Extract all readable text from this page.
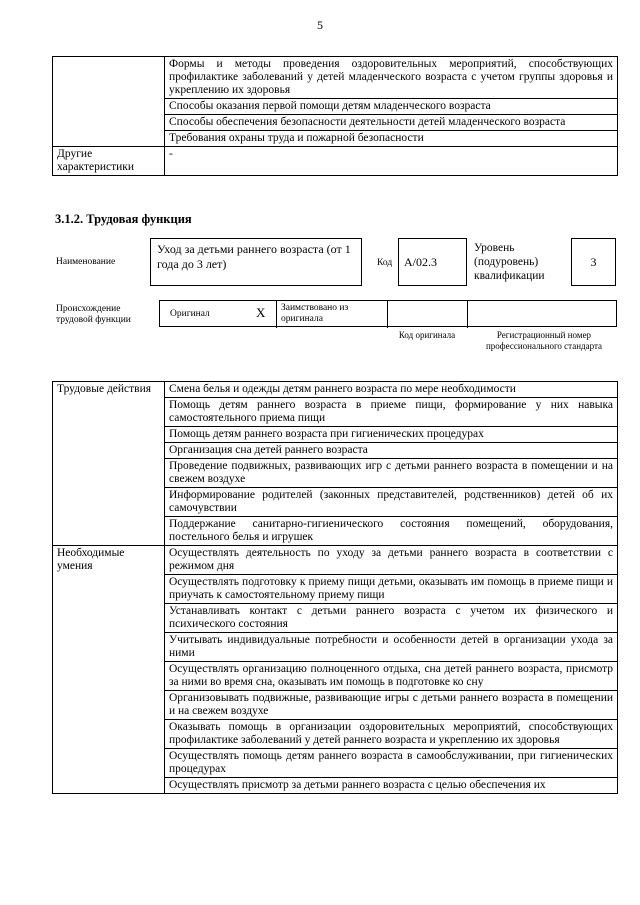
5
	Формы и методы проведения оздоровительных мероприятий, способствующих профилактике заболеваний у детей младенческого возраста с учетом группы здоровья и укреплению их здоровья
	Способы оказания первой помощи детям младенческого возраста
	Способы обеспечения безопасности деятельности детей младенческого возраста
	Требования охраны труда и пожарной безопасности
Другие характеристики	-
3.1.2. Трудовая функция
Наименование
Уход за детьми раннего возраста (от 1 года до 3 лет)	Код А/02.3
Уровень (подуровень) квалификации
3
Происхождение трудовой функции
Оригинал	X Заимствовано из оригинала
Код оригинала	Регистрационный номер профессионального стандарта
Трудовые действия	Смена белья и одежды детям раннего возраста по мере необходимости
	Помощь детям раннего возраста в приеме пищи, формирование у них навыка самостоятельного приема пищи
	Помощь детям раннего возраста при гигиенических процедурах
	Организация сна детей раннего возраста
	Проведение подвижных, развивающих игр с детьми раннего возраста в помещении и на свежем воздухе
	Информирование родителей (законных представителей, родственников) детей об их самочувствии
	Поддержание санитарно-гигиенического состояния помещений, оборудования, постельного белья и игрушек
Необходимые умения	Осуществлять деятельность по уходу за детьми раннего возраста в соответствии с режимом дня
	Осуществлять подготовку к приему пищи детьми, оказывать им помощь в приеме пищи и приучать к самостоятельному приему пищи
	Устанавливать контакт с детьми раннего возраста с учетом их физического и психического состояния
	Учитывать индивидуальные потребности и особенности детей в организации ухода за ними
	Осуществлять организацию полноценного отдыха, сна детей раннего возраста, присмотр за ними во время сна, оказывать им помощь в подготовке ко сну
	Организовывать подвижные, развивающие игры с детьми раннего возраста в помещении и на свежем воздухе
	Оказывать помощь в организации оздоровительных мероприятий, способствующих профилактике заболеваний у детей раннего возраста и укреплению их здоровья
	Осуществлять помощь детям раннего возраста в самообслуживании, при гигиенических процедурах
	Осуществлять присмотр за детьми раннего возраста с целью обеспечения их
